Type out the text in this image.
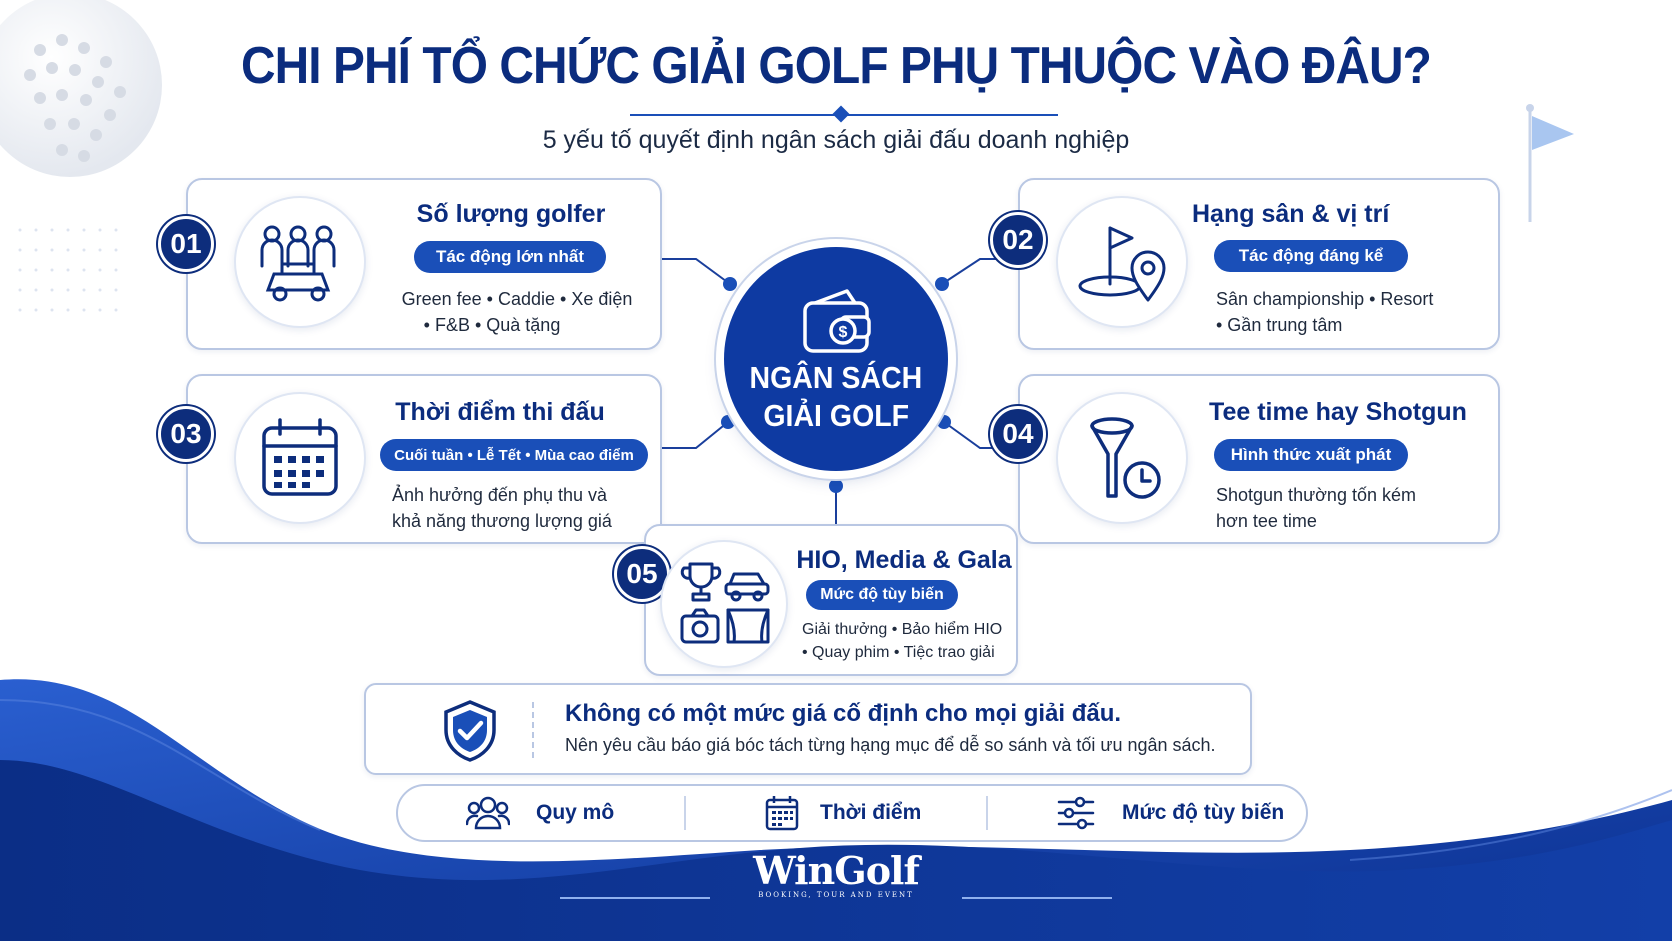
CHI PHÍ TỔ CHỨC GIẢI GOLF PHỤ THUỘC VÀO ĐÂU?
5 yếu tố quyết định ngân sách giải đấu doanh nghiệp
$
NGÂN SÁCH
GIẢI GOLF
01
Số lượng golfer
Tác động lớn nhất
Green fee • Caddie • Xe điện
• F&B • Quà tặng
02
Hạng sân & vị trí
Tác động đáng kể
Sân championship • Resort
• Gần trung tâm
03
Thời điểm thi đấu
Cuối tuần • Lễ Tết • Mùa cao điểm
Ảnh hưởng đến phụ thu và
khả năng thương lượng giá
04
Tee time hay Shotgun
Hình thức xuất phát
Shotgun thường tốn kém
hơn tee time
05	HIO, Media & Gala
Mức độ tùy biến
Giải thưởng • Bảo hiểm HIO
• Quay phim • Tiệc trao giải
Không có một mức giá cố định cho mọi giải đấu.
Nên yêu cầu báo giá bóc tách từng hạng mục để dễ so sánh và tối ưu ngân sách.
Quy mô	Thời điểm	Mức độ tùy biến
WinGolf
BOOKING, TOUR AND EVENT
